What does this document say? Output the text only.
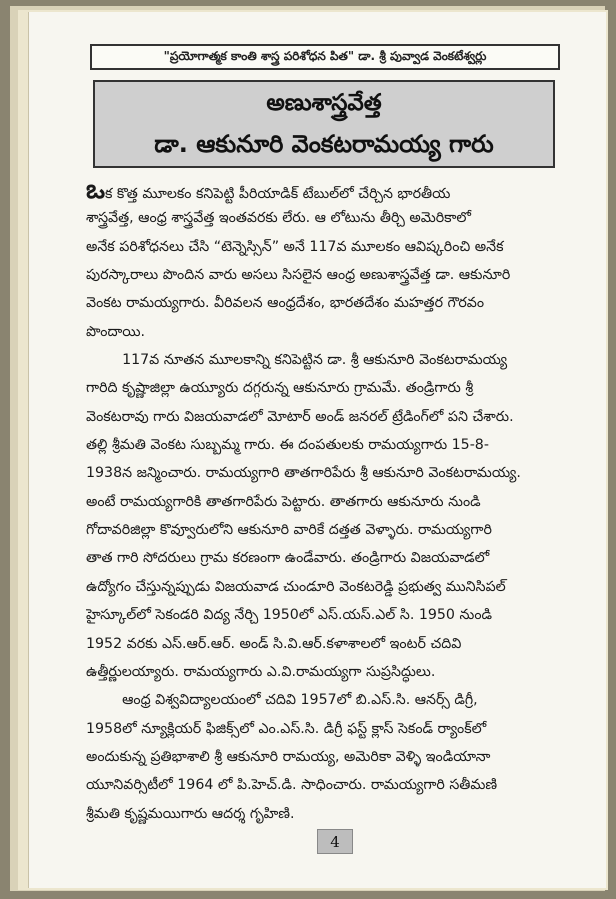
"ప్రయోగాత్మక కాంతి శాస్త్ర పరిశోధన పిత" డా. శ్రీ పువ్వాడ వెంకటేశ్వర్లు
అణుశాస్త్రవేత్త
డా. ఆకునూరి వెంకటరామయ్య గారు
ఒక కొత్త మూలకం కనిపెట్టి పీరియాడిక్ టేబుల్‌లో చేర్చిన భారతీయ
శాస్త్రవేత్త, ఆంధ్ర శాస్త్రవేత్త ఇంతవరకు లేరు. ఆ లోటును తీర్చి అమెరికాలో
అనేక పరిశోధనలు చేసి “టెన్నెస్సిన్” అనే 117వ మూలకం ఆవిష్కరించి అనేక
పురస్కారాలు పొందిన వారు అసలు సిసలైన ఆంధ్ర అణుశాస్త్రవేత్త డా. ఆకునూరి
వెంకట రామయ్యగారు. వీరివలన ఆంధ్రదేశం, భారతదేశం మహత్తర గౌరవం
పొందాయి.
117వ నూతన మూలకాన్ని కనిపెట్టిన డా. శ్రీ ఆకునూరి వెంకటరామయ్య
గారిది కృష్ణాజిల్లా ఉయ్యూరు దగ్గరున్న ఆకునూరు గ్రామమే. తండ్రిగారు శ్రీ
వెంకటరావు గారు విజయవాడలో మోటార్ అండ్ జనరల్ ట్రేడింగ్‌లో పని చేశారు.
తల్లి శ్రీమతి వెంకట సుబ్బమ్మ గారు. ఈ దంపతులకు రామయ్యగారు 15-8-
1938న జన్మించారు. రామయ్యగారి తాతగారిపేరు శ్రీ ఆకునూరి వెంకటరామయ్య.
అంటే రామయ్యగారికి తాతగారిపేరు పెట్టారు. తాతగారు ఆకునూరు నుండి
గోదావరిజిల్లా కొవ్వూరులోని ఆకునూరి వారికే దత్తత వెళ్ళారు. రామయ్యగారి
తాత గారి సోదరులు గ్రామ కరణంగా ఉండేవారు. తండ్రిగారు విజయవాడలో
ఉద్యోగం చేస్తున్నప్పుడు విజయవాడ చుండూరి వెంకటరెడ్డి ప్రభుత్వ మునిసిపల్
హైస్కూల్‌లో సెకండరి విద్య నేర్చి 1950లో ఎస్.యస్.ఎల్ సి. 1950 నుండి
1952 వరకు ఎస్.ఆర్.ఆర్. అండ్ సి.వి.ఆర్.కళాశాలలో ఇంటర్ చదివి
ఉత్తీర్ణులయ్యారు. రామయ్యగారు ఎ.వి.రామయ్యగా సుప్రసిద్ధులు.
ఆంధ్ర విశ్వవిద్యాలయంలో చదివి 1957లో బి.ఎస్.సి. ఆనర్స్ డిగ్రీ,
1958లో న్యూక్లియర్ ఫిజిక్స్‌లో ఎం.ఎస్.సి. డిగ్రీ ఫస్ట్ క్లాస్ సెకండ్ ర్యాంక్‌లో
అందుకున్న ప్రతిభాశాలి శ్రీ ఆకునూరి రామయ్య, అమెరికా వెళ్ళి ఇండియానా
యూనివర్సిటీలో 1964 లో పి.హెచ్.డి. సాధించారు. రామయ్యగారి సతీమణి
శ్రీమతి కృష్ణమయిగారు ఆదర్శ గృహిణి.
4
